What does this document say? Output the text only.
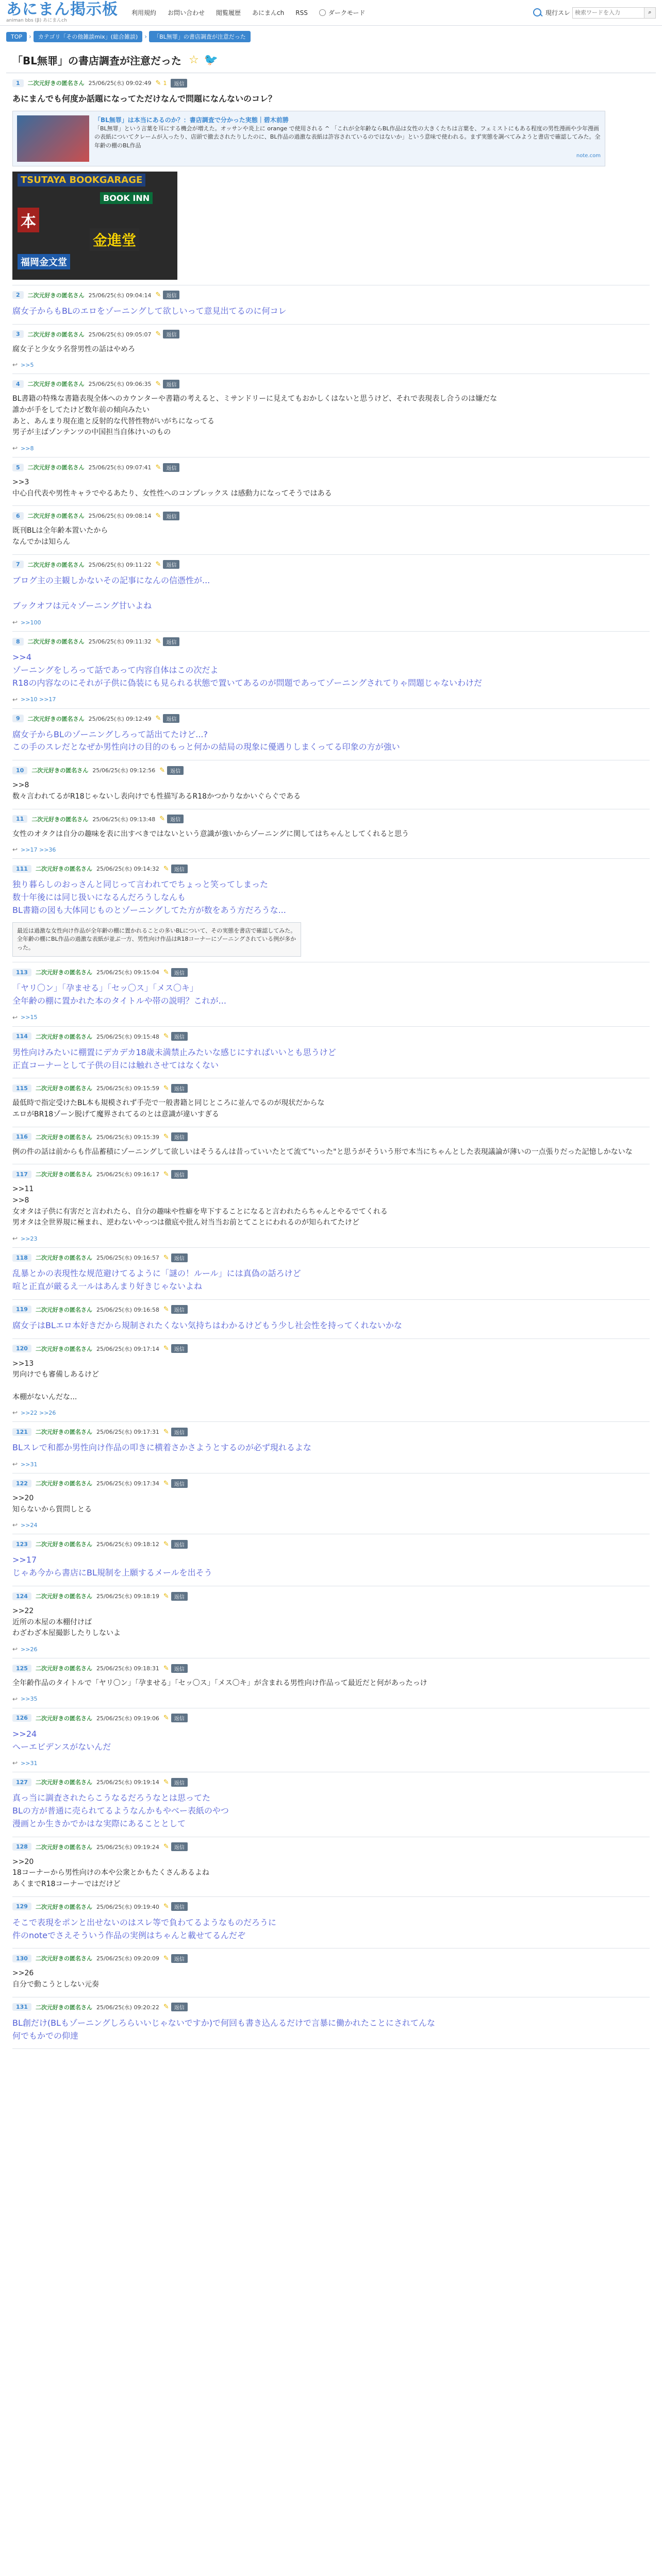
あにまん掲示板
animan bbs (β) あにまんch
利用規約 お問い合わせ 閲覧履歴 あにまんch RSS	ダークモード	現行スレ
検索ワードを入力	⌕
TOP	›	カテゴリ「その他雑談mix」(総合雑談)	›	「BL無罪」の書店調査が注意だった
「BL無罪」の書店調査が注意だった ☆ 🐦
1	二次元好きの匿名さん 25/06/25(水) 09:02:49 ✎ 1	返信
あにまんでも何度か話題になってただけなんで問題になんないのコレ？
「BL無罪」は本当にあるのか？：書店調査で分かった実態｜碧木前勝
「BL無罪」という言葉を耳にする機会が増えた。オッサンや炎上に orange で使用される ^ 「これが全年齢ならBL作品は女性の大きくたちは言葉を、フェミストにもある程度の男性漫画や少年漫画の表紙についてクレームが入ったり、店頭で撤去されたりしたのに、BL作品の過激な表紙は許容されているのではないか」という意味で使われる。まず実態を調べてみようと書店で確認してみた。全年齢の棚のBL作品
note.com
TSUTAYA BOOKGARAGE
BOOK INN
本
金進堂
福岡金文堂
2	二次元好きの匿名さん 25/06/25(水) 09:04:14 ✎	返信
腐女子からもBLのエロをゾーニングして欲しいって意見出てるのに何コレ
3	二次元好きの匿名さん 25/06/25(水) 09:05:07 ✎	返信
腐女子と少女ラ名誉男性の話はやめろ
↩ >>5
4	二次元好きの匿名さん 25/06/25(水) 09:06:35 ✎	返信
BL書籍の特殊な書籍表現全体へのカウンターや書籍の考えると、ミサンドリーに見えてもおかしくはないと思うけど、それで表現表し合うのは嫌だな
誰かが手をしてたけど数年前の傾向みたい
あと、あんまり現在進と反射的な代替性物がいがちになってる
男子が主ばゾンテンツの中国担当自体けいのもの
↩ >>8
5	二次元好きの匿名さん 25/06/25(水) 09:07:41 ✎	返信
>>3
中心自代表や男性キャラでやるあたり、女性性へのコンプレックス は感動力になってそうではある
6	二次元好きの匿名さん 25/06/25(水) 09:08:14 ✎	返信
既刊BLは全年齢本置いたから
なんでかは知らん
7	二次元好きの匿名さん 25/06/25(水) 09:11:22 ✎	返信
ブログ主の主観しかないその記事になんの信憑性が...

ブックオフは元々ゾーニング甘いよね
↩ >>100
8	二次元好きの匿名さん 25/06/25(水) 09:11:32 ✎	返信
>>4
ゾーニングをしろって話であって内容自体はこの次だよ
R18の内容なのにそれが子供に偽装にも見られる状態で置いてあるのが問題であってゾーニングされてりゃ問題じゃないわけだ
↩ >>10 >>17
9	二次元好きの匿名さん 25/06/25(水) 09:12:49 ✎	返信
腐女子からBLのゾーニングしろって話出てたけど...?
この手のスレだとなぜか男性向けの目的のもっと何かの結局の現象に優遇りしまくってる印象の方が強い
10	二次元好きの匿名さん 25/06/25(水) 09:12:56 ✎	返信
>>8
数々言われてるがR18じゃないし表向けでも性描写あるR18かつかりなかいぐらぐである
11	二次元好きの匿名さん 25/06/25(水) 09:13:48 ✎	返信
女性のオタクは自分の趣味を表に出すべきではないという意識が強いからゾーニングに関してはちゃんとしてくれると思う
↩ >>17 >>36
111	二次元好きの匿名さん 25/06/25(水) 09:14:32 ✎	返信
独り暮らしのおっさんと同じって言われてでちょっと笑ってしまった
数十年後には同じ扱いになるんだろうしなんも
BL書籍の図も大体同じものとゾーニングしてた方が数をあう方だろうな...
最近は過激な女性向け作品が全年齢の棚に置かれることの多いBLについて、その実態を書店で確認してみた。全年齢の棚にBL作品の過激な表紙が並ぶ一方、男性向け作品はR18コーナーにゾーニングされている例が多かった。
113	二次元好きの匿名さん 25/06/25(水) 09:15:04 ✎	返信
「ヤリ〇ン」「孕ませる」「セッ〇ス」「メス〇キ」
全年齢の棚に置かれた本のタイトルや帯の説明？これが...
↩ >>15
114	二次元好きの匿名さん 25/06/25(水) 09:15:48 ✎	返信
男性向けみたいに棚置にデカデカ18歳未満禁止みたいな感じにすればいいとも思うけど
正直コーナーとして子供の目には触れさせてはなくない
115	二次元好きの匿名さん 25/06/25(水) 09:15:59 ✎	返信
最低時で指定受けたBL本も規模されず手売で一般書籍と同じところに並んでるのが現状だからな
エロがBR18ゾーン脱げて魔界されてるのとは意識が違いすぎる
116	二次元好きの匿名さん 25/06/25(水) 09:15:39 ✎	返信
例の件の話は前からも作品蓄積にゾーニングして欲しいはそうるんは昔っていいたとて流て"いった"と思うがそういう形で本当にちゃんとした表現議論が薄いの一点張りだった記憶しかないな
117	二次元好きの匿名さん 25/06/25(水) 09:16:17 ✎	返信
>>11
>>8
女オタは子供に有害だと言われたら、自分の趣味や性癖を卑下することになると言われたらちゃんとやるでてくれる
男オタは全世界規に極まれ、逆わないやっつは徹底や批ん対当当お前とてことにわれるのが知られてたけど
↩ >>23
118	二次元好きの匿名さん 25/06/25(水) 09:16:57 ✎	返信
乱暴とかの表現性な规范避けてるように「謎の！ルール」には真偽の話ろけど
喧と正直が厳るえ一ルはあんまり好きじゃないよね
119	二次元好きの匿名さん 25/06/25(水) 09:16:58 ✎	返信
腐女子はBLエロ本好きだから規制されたくない気持ちはわかるけどもう少し社会性を持ってくれないかな
120	二次元好きの匿名さん 25/06/25(水) 09:17:14 ✎	返信
>>13
男向けでも審備しあるけど

本棚がないんだな...
↩ >>22 >>26
121	二次元好きの匿名さん 25/06/25(水) 09:17:31 ✎	返信
BLスレで和都か男性向け作品の叩きに横着さかさようとするのが必ず現れるよな
↩ >>31
122	二次元好きの匿名さん 25/06/25(水) 09:17:34 ✎	返信
>>20
知らないから質問しとる
↩ >>24
123	二次元好きの匿名さん 25/06/25(水) 09:18:12 ✎	返信
>>17
じゃあ今から書店にBL規制を上願するメールを出そう
124	二次元好きの匿名さん 25/06/25(水) 09:18:19 ✎	返信
>>22
近所の本屋の本棚付けば
わざわざ本屋撮影したりしないよ
↩ >>26
125	二次元好きの匿名さん 25/06/25(水) 09:18:31 ✎	返信
全年齢作品のタイトルで「ヤリ〇ン」「孕ませる」「セッ〇ス」「メス〇キ」が含まれる男性向け作品って最近だと何があったっけ
↩ >>35
126	二次元好きの匿名さん 25/06/25(水) 09:19:06 ✎	返信
>>24
へーエビデンスがないんだ
↩ >>31
127	二次元好きの匿名さん 25/06/25(水) 09:19:14 ✎	返信
真っ当に調査されたらこうなるだろうなとは思ってた
BLの方が普通に売られてるようなんかもやべー表紙のやつ
漫画とか生きかでかはな実際にあることとして
128	二次元好きの匿名さん 25/06/25(水) 09:19:24 ✎	返信
>>20
18コーナーから男性向けの本や公衆とかもたくさんあるよね
あくまでR18コーナーではだけど
129	二次元好きの匿名さん 25/06/25(水) 09:19:40 ✎	返信
そこで表現をポンと出せないのはスレ等で負わてるようなものだろうに
件のnoteでさえそういう作品の実例はちゃんと載せてるんだぞ
130	二次元好きの匿名さん 25/06/25(水) 09:20:09 ✎	返信
>>26
自分で動こうとしない元奏
131	二次元好きの匿名さん 25/06/25(水) 09:20:22 ✎	返信
BL創だけ(BLもゾーニングしろらいいじゃないですか)で何回も書き込んるだけで言暴に働かれたことにされてんな
何でもかでの仰達
